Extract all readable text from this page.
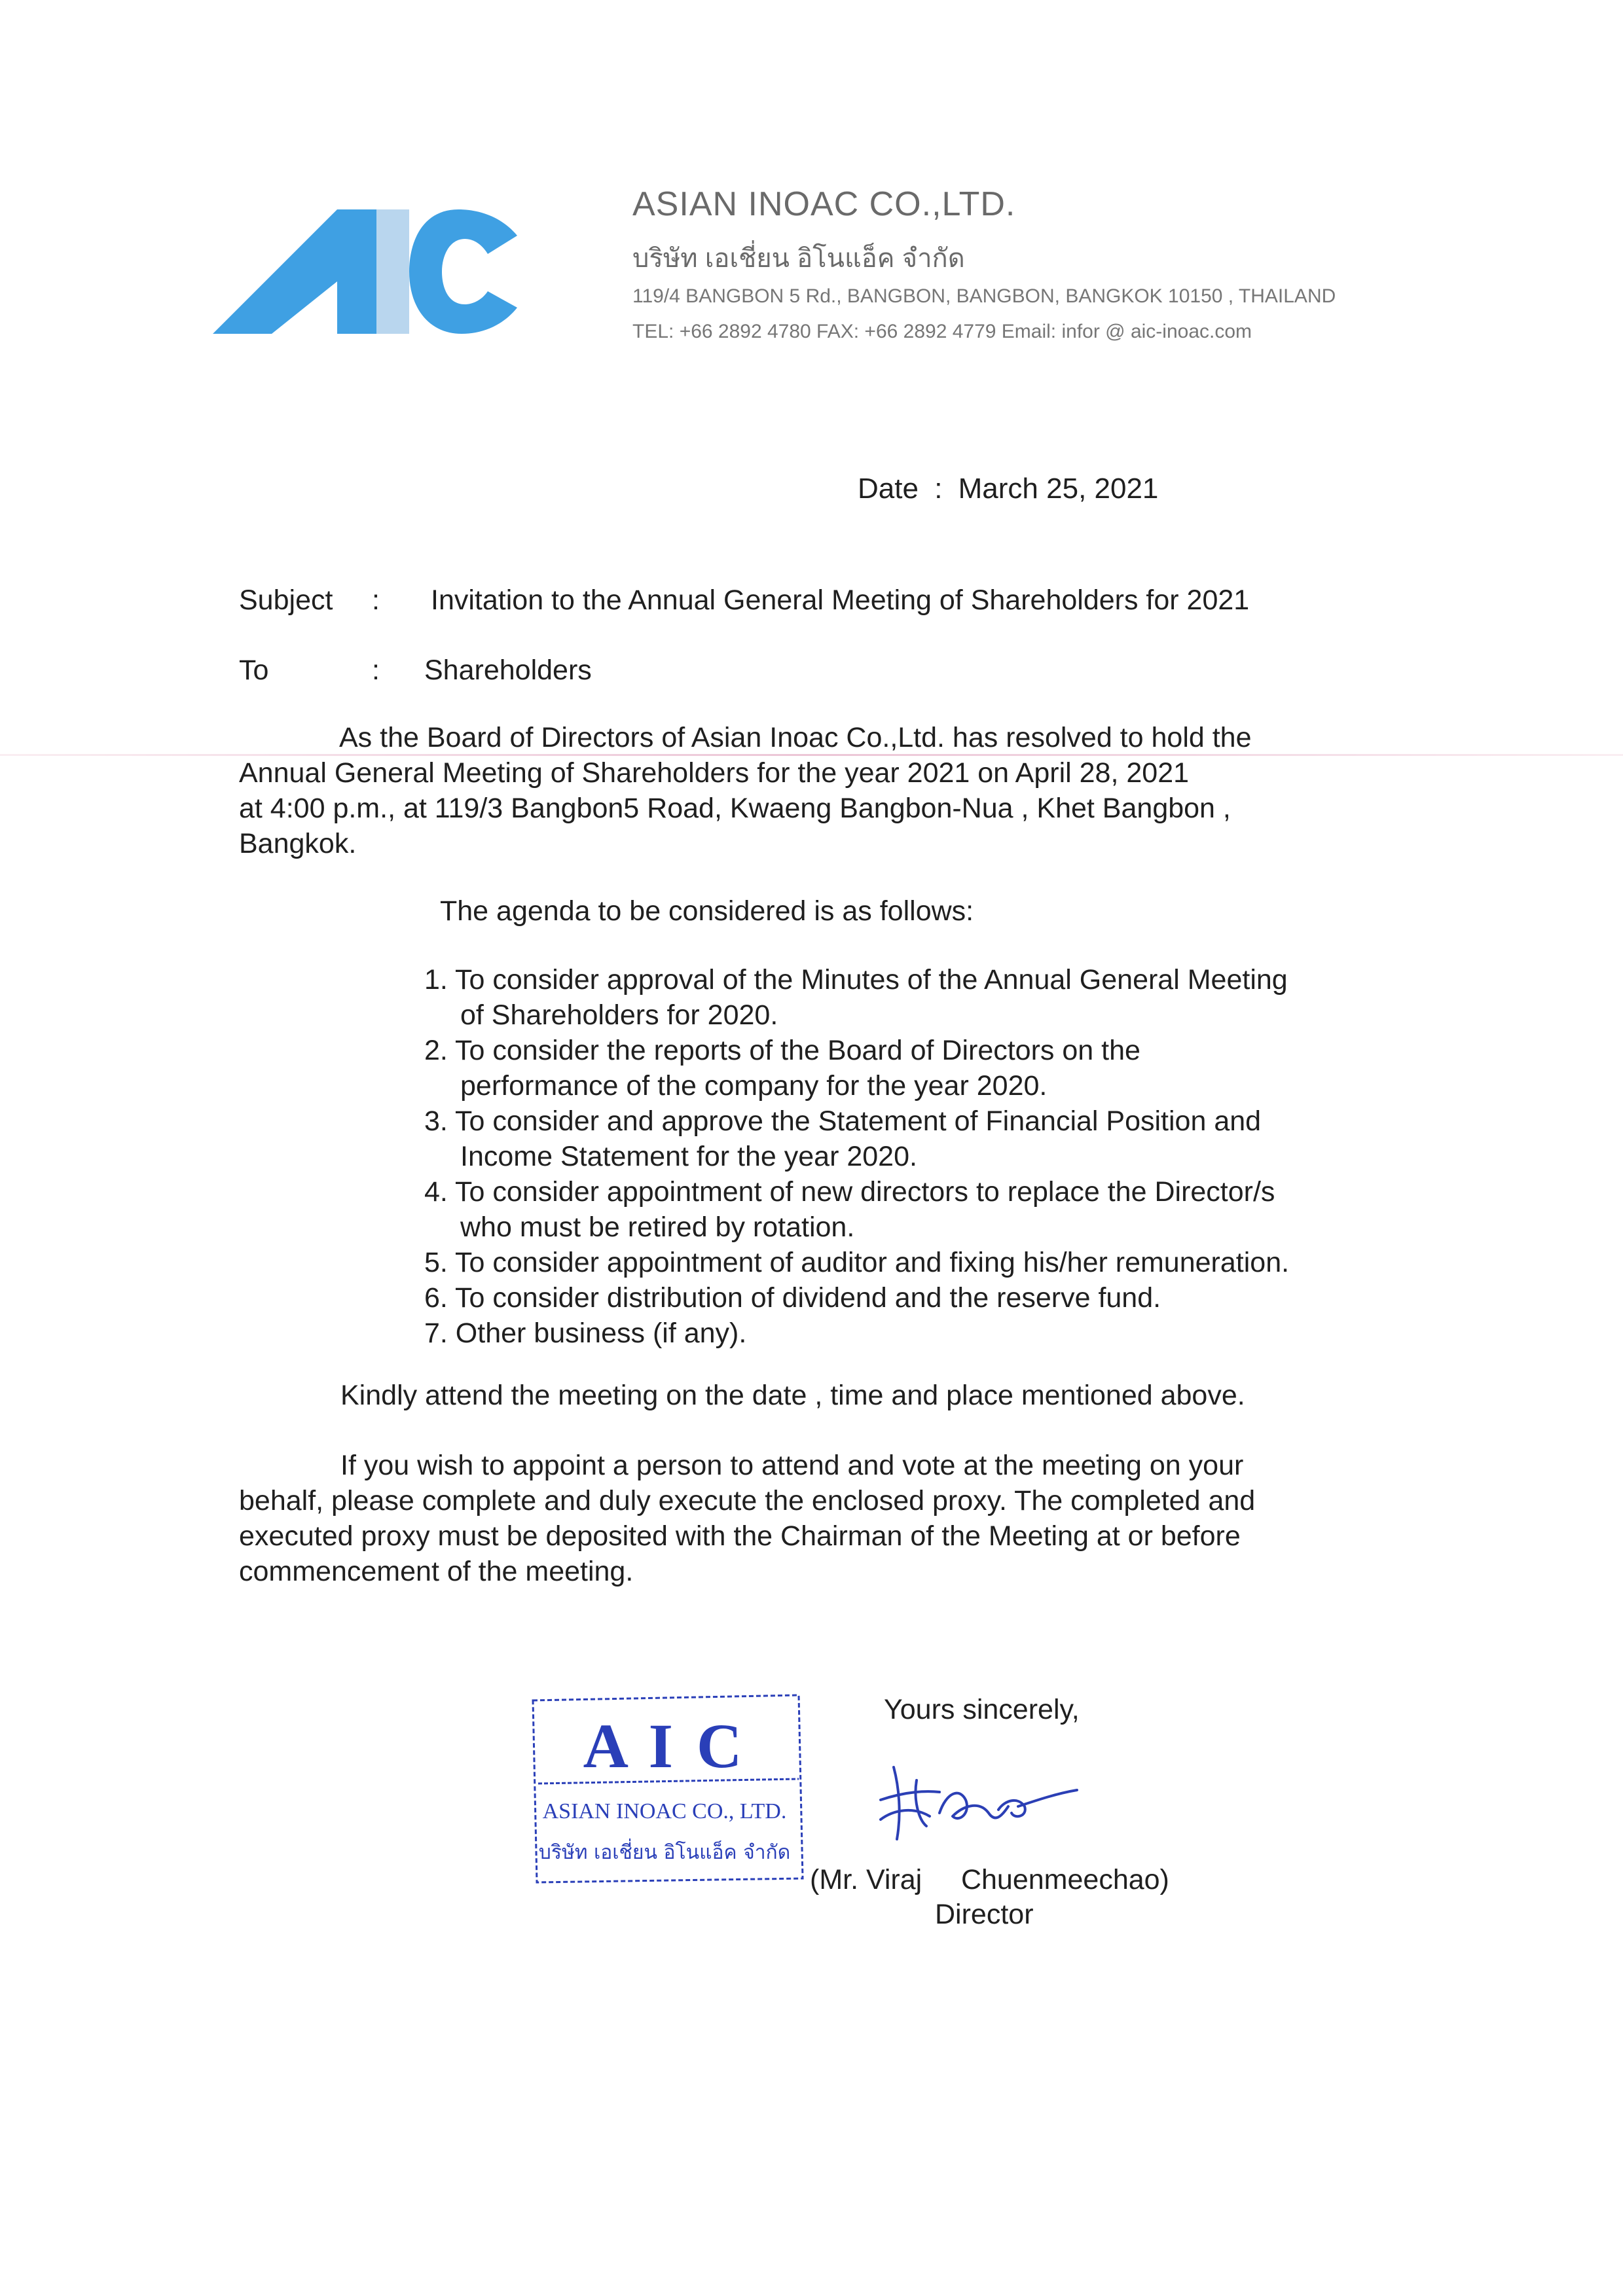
ASIAN INOAC CO.,LTD.
บริษัท เอเชี่ยน อิโนแอ็ค จำกัด
119/4 BANGBON 5 Rd., BANGBON, BANGBON, BANGKOK 10150 , THAILAND
TEL: +66 2892 4780 FAX: +66 2892 4779 Email: infor @ aic-inoac.com
Date : March 25, 2021
Subject : Invitation to the Annual General Meeting of Shareholders for 2021
To	: Shareholders
As the Board of Directors of Asian Inoac Co.,Ltd. has resolved to hold the
Annual General Meeting of Shareholders for the year 2021 on April 28, 2021
at 4:00 p.m., at 119/3 Bangbon5 Road, Kwaeng Bangbon-Nua , Khet Bangbon ,
Bangkok.
The agenda to be considered is as follows:
1. To consider approval of the Minutes of the Annual General Meeting
of Shareholders for 2020.
2. To consider the reports of the Board of Directors on the
performance of the company for the year 2020.
3. To consider and approve the Statement of Financial Position and
Income Statement for the year 2020.
4. To consider appointment of new directors to replace the Director/s
who must be retired by rotation.
5. To consider appointment of auditor and fixing his/her remuneration.
6. To consider distribution of dividend and the reserve fund.
7. Other business (if any).
Kindly attend the meeting on the date , time and place mentioned above.
If you wish to appoint a person to attend and vote at the meeting on your
behalf, please complete and duly execute the enclosed proxy. The completed and
executed proxy must be deposited with the Chairman of the Meeting at or before
commencement of the meeting.
A I C
ASIAN INOAC CO., LTD.
บริษัท เอเชี่ยน อิโนแอ็ค จำกัด
Yours sincerely,
(Mr. Viraj     Chuenmeechao)
Director
